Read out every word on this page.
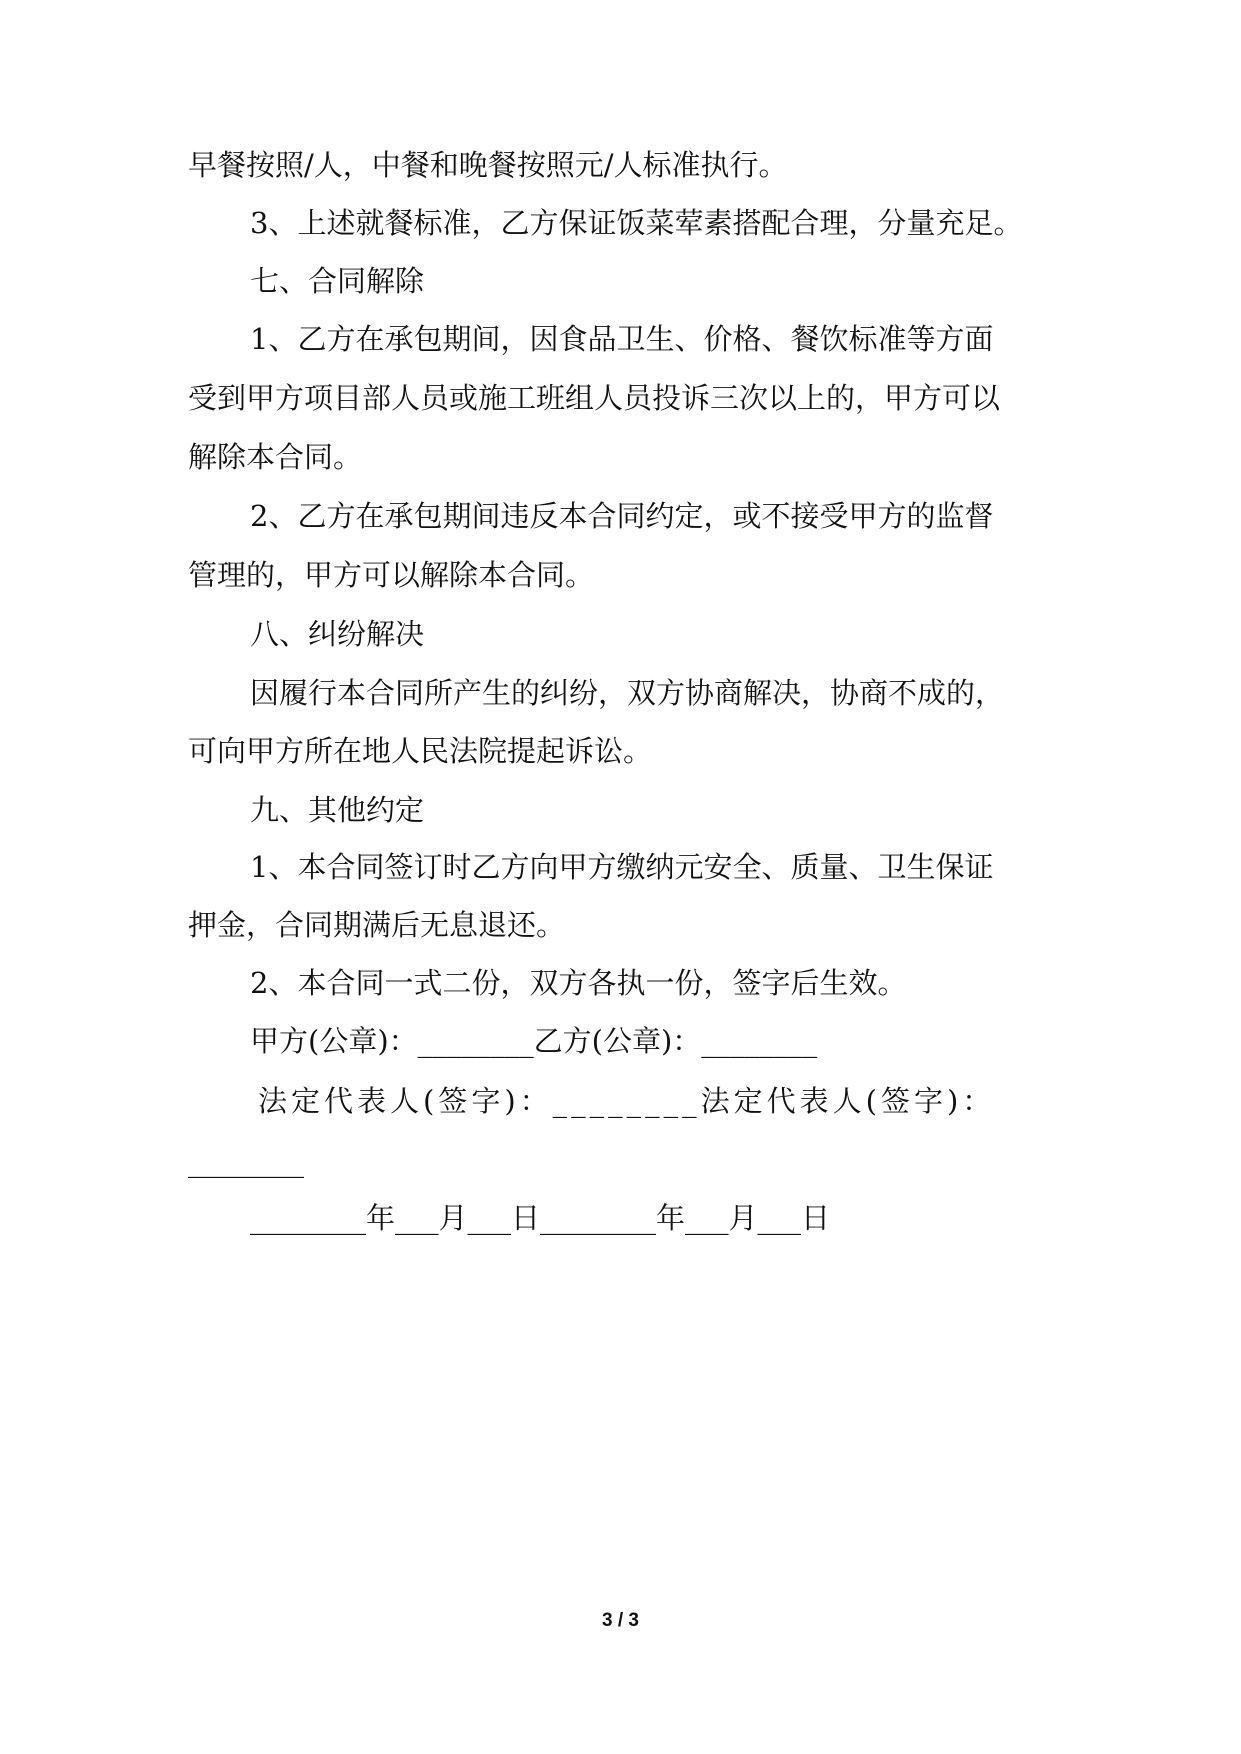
早餐按照/人，中餐和晚餐按照元/人标准执行。
3、上述就餐标准，乙方保证饭菜荤素搭配合理，分量充足。
七、合同解除
1、乙方在承包期间，因食品卫生、价格、餐饮标准等方面
受到甲方项目部人员或施工班组人员投诉三次以上的，甲方可以
解除本合同。
2、乙方在承包期间违反本合同约定，或不接受甲方的监督
管理的，甲方可以解除本合同。
八、纠纷解决
因履行本合同所产生的纠纷，双方协商解决，协商不成的，
可向甲方所在地人民法院提起诉讼。
九、其他约定
1、本合同签订时乙方向甲方缴纳元安全、质量、卫生保证
押金，合同期满后无息退还。
2、本合同一式二份，双方各执一份，签字后生效。
甲方(公章)：________乙方(公章)：________
法定代表人(签字)：________法定代表人(签字)：
________
________年___月___日________年___月___日
3 / 3
